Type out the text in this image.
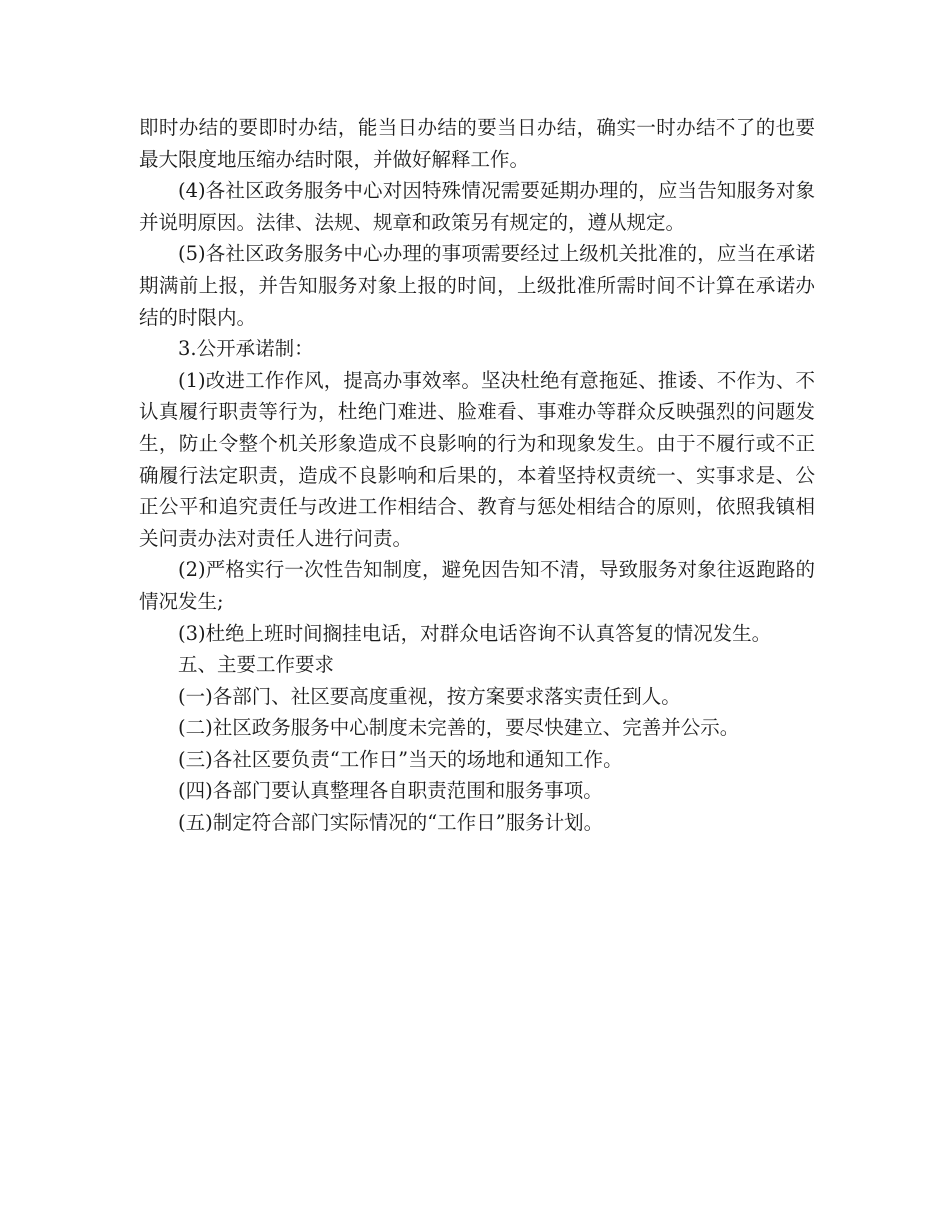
即时办结的要即时办结，能当日办结的要当日办结，确实一时办结不了的也要最大限度地压缩办结时限，并做好解释工作。

(4)各社区政务服务中心对因特殊情况需要延期办理的，应当告知服务对象并说明原因。法律、法规、规章和政策另有规定的，遵从规定。

(5)各社区政务服务中心办理的事项需要经过上级机关批准的，应当在承诺期满前上报，并告知服务对象上报的时间，上级批准所需时间不计算在承诺办结的时限内。

3.公开承诺制：

(1)改进工作作风，提高办事效率。坚决杜绝有意拖延、推诿、不作为、不认真履行职责等行为，杜绝门难进、脸难看、事难办等群众反映强烈的问题发生，防止令整个机关形象造成不良影响的行为和现象发生。由于不履行或不正确履行法定职责，造成不良影响和后果的，本着坚持权责统一、实事求是、公正公平和追究责任与改进工作相结合、教育与惩处相结合的原则，依照我镇相关问责办法对责任人进行问责。

(2)严格实行一次性告知制度，避免因告知不清，导致服务对象往返跑路的情况发生;

(3)杜绝上班时间搁挂电话，对群众电话咨询不认真答复的情况发生。

五、主要工作要求

(一)各部门、社区要高度重视，按方案要求落实责任到人。

(二)社区政务服务中心制度未完善的，要尽快建立、完善并公示。

(三)各社区要负责“工作日”当天的场地和通知工作。

(四)各部门要认真整理各自职责范围和服务事项。

(五)制定符合部门实际情况的“工作日”服务计划。
